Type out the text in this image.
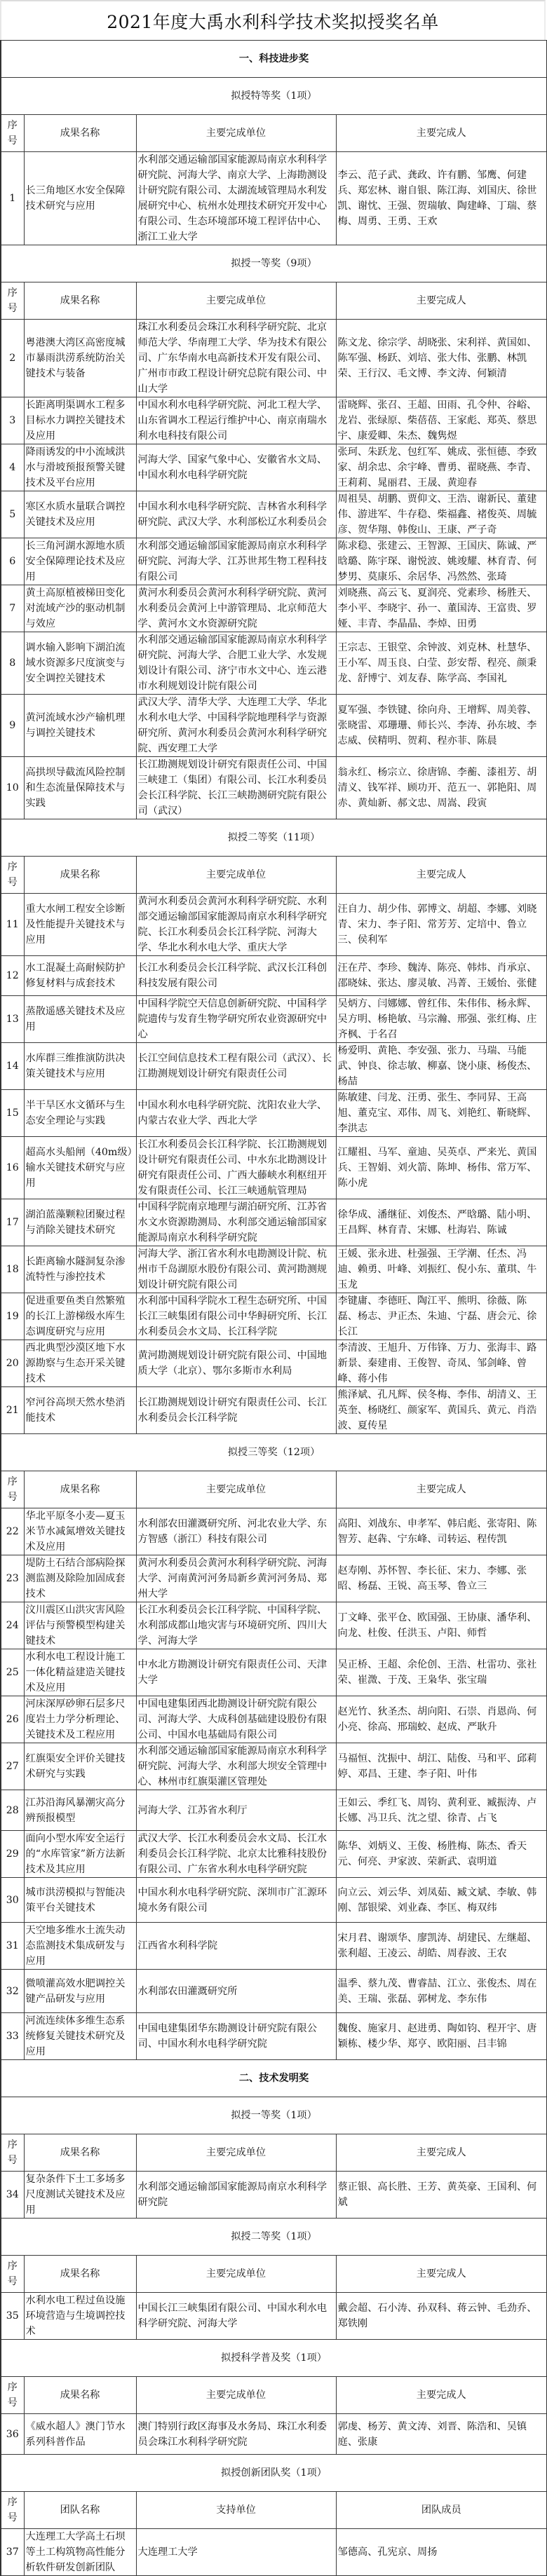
2021年度大禹水利科学技术奖拟授奖名单
一、科技进步奖			
拟授特等奖（1项）			
序号	成果名称	主要完成单位	主要完成人
1	长三角地区水安全保障技术研究与应用	水利部交通运输部国家能源局南京水利科学研究院、河海大学、南京大学、上海勘测设计研究院有限公司、太湖流域管理局水利发展研究中心、杭州水处理技术研究开发中心有限公司、生态环境部环境工程评估中心、浙江工业大学	李云、范子武、龚政、许有鹏、邹鹰、何建兵、郑宏林、谢自银、陈江海、刘国庆、徐世凯、谢忱、王强、贺瑞敏、陶建峰、丁瑞、蔡梅、周勇、王勇、王欢
拟授一等奖（9项）			
序号	成果名称	主要完成单位	主要完成人
2	粤港澳大湾区高密度城市暴雨洪涝系统防治关键技术与装备	珠江水利委员会珠江水利科学研究院、北京师范大学、华南理工大学、华为技术有限公司、广东华南水电高新技术开发有限公司、广州市市政工程设计研究总院有限公司、中山大学	陈文龙、徐宗学、胡晓张、宋利祥、黄国如、陈军强、杨跃、刘培、张大伟、张鹏、林凯荣、王行汉、毛文博、李文涛、何颖清
3	长距离明渠调水工程多目标水力调控关键技术及应用	中国水利水电科学研究院、河北工程大学、山东省调水工程运行维护中心、南京南瑞水利水电科技有限公司	雷晓辉、张召、王超、田雨、孔令仲、谷峪、龙岩、张绿原、柴蓓蓓、王家彪、郑英、蔡思宇、康爱卿、朱杰、魏隽煜
4	降雨诱发的中小流域洪水与滑坡预报预警关键技术及平台应用	河海大学、国家气象中心、安徽省水文局、中国水利水电科学研究院	张珂、朱跃龙、包红军、姚成、张恒德、李致家、胡余忠、余宇峰、曹勇、翟晓燕、李青、王莉莉、晁丽君、王晟、黄迎春
5	寒区水质水量联合调控关键技术及应用	中国水利水电科学研究院、吉林省水利科学研究院、武汉大学、水利部松辽水利委员会	周祖昊、胡鹏、贾仰文、王浩、谢新民、董建伟、游进军、牛存稳、柴福鑫、褚俊英、周毓彦、贺华翔、韩俊山、王康、严子奇
6	长三角河湖水源地水质安全保障理论技术及应用	水利部交通运输部国家能源局南京水利科学研究院、河海大学、江苏世邦生物工程科技有限公司	陈求稳、张建云、王智源、王国庆、陈诚、严晗璐、陈宇琛、谢悦波、姚竣耀、林育青、何梦男、莫康乐、余居华、冯然然、张琦
7	黄土高原植被梯田变化对流域产沙的驱动机制与效应	黄河水利委员会黄河水利科学研究院、黄河水利委员会黄河上中游管理局、北京师范大学、黄河水文水资源研究院	刘晓燕、高云飞、夏润亮、党素珍、杨胜天、李小平、李晓宇、孙一、董国涛、王富贵、罗娅、丰青、李晶晶、李焯、田勇
8	调水输入影响下湖泊流域水资源多尺度演变与安全调控关键技术	水利部交通运输部国家能源局南京水利科学研究院、河海大学、合肥工业大学、水发规划设计有限公司、济宁市水文中心、连云港市水利规划设计院有限公司	王宗志、王银堂、余钟波、刘克林、杜慧华、王小军、周玉良、白莹、彭安帮、程亮、颜秉龙、舒博宁、刘友春、陈学高、李国礼
9	黄河流域水沙产输机理与调控关键技术	武汉大学、清华大学、大连理工大学、华北水利水电大学、中国科学院地理科学与资源研究所、黄河水利委员会黄河水利科学研究院、西安理工大学	夏军强、李铁键、徐向舟、王增辉、周美蓉、张晓雷、邓珊珊、师长兴、李涛、孙东坡、李志威、侯精明、贺莉、程亦菲、陈晨
10	高拱坝导截流风险控制和生态流量保障技术与实践	长江勘测规划设计研究有限责任公司、中国三峡建工（集团）有限公司、长江水利委员会长江科学院、长江三峡勘测研究院有限公司（武汉）	翁永红、杨宗立、徐唐锦、李蘅、漆祖芳、胡清义、钱军祥、顾功开、范五一、郭艳阳、周赤、黄灿新、郝文忠、周嵩、段寅
拟授二等奖（11项）			
序号	成果名称	主要完成单位	主要完成人
11	重大水闸工程安全诊断及性能提升关键技术与应用	黄河水利委员会黄河水利科学研究院、水利部交通运输部国家能源局南京水利科学研究院、长江水利委员会长江科学院、河海大学、华北水利水电大学、重庆大学	汪自力、胡少伟、郭博文、胡超、李娜、刘晓青、宋力、李子阳、常芳芳、定培中、鲁立三、侯利军
12	水工混凝土高耐候防护修复材料与成套技术	长江水利委员会长江科学院、武汉长江科创科技发展有限公司	汪在芹、李珍、魏涛、陈亮、韩炜、肖承京、邵晓妹、张达、廖灵敏、冯菁、王媛怡、张健
13	蒸散遥感关键技术及应用	中国科学院空天信息创新研究院、中国科学院遗传与发育生物学研究所农业资源研究中心	吴炳方、闫娜娜、曾红伟、朱伟伟、杨永辉、吴方明、杨艳敏、马宗瀚、邢强、张红梅、庄齐枫、于名召
14	水库群三维推演防洪决策关键技术与应用	长江空间信息技术工程有限公司（武汉）、长江勘测规划设计研究有限责任公司	杨爱明、黄艳、李安强、张力、马瑞、马能武、钟良、徐志敏、柳嘉、饶小康、杨俊杰、杨喆
15	半干旱区水文循环与生态安全理论与实践	中国水利水电科学研究院、沈阳农业大学、内蒙古农业大学、西北大学	陈敏建、闫龙、汪勇、张生、李同昇、王高旭、董克宝、邓伟、周飞、刘艳红、靳晓辉、李洪志
16	超高水头船闸（40m级）输水关键技术研究与应用	长江水利委员会长江科学院、长江勘测规划设计研究有限责任公司、中水东北勘测设计研究有限责任公司、广西大藤峡水利枢纽开发有限责任公司、长江三峡通航管理局	江耀祖、马军、童迪、吴英卓、严来光、黄国兵、王智娟、刘火箭、陈坤、杨伟、常万军、陈小虎
17	湖泊蓝藻颗粒团聚过程与消除关键技术研究	中国科学院南京地理与湖泊研究所、江苏省水文水资源勘测局、水利部交通运输部国家能源局南京水利科学研究院	徐华成、潘继征、刘俊杰、严晗璐、陆小明、王昌辉、林育青、宋娜、杜海岩、陈诚
18	长距离输水隧洞复杂渗流特性与渗控技术	河海大学、浙江省水利水电勘测设计院、杭州市千岛湖原水股份有限公司、黄河勘测规划设计研究院有限公司	王媛、张永进、杜强强、王学潮、任杰、冯迪、赖勇、叶峰、刘振红、倪小东、董琪、牛玉龙
19	促进重要鱼类自然繁殖的长江上游梯级水库生态调度研究与应用	水利部中国科学院水工程生态研究所、中国长江三峡集团有限公司中华鲟研究所、长江水利委员会水文局、长江科学院	李键庸、李德旺、陶江平、熊明、徐薇、陈磊、杨志、尹正杰、朱迪、宁磊、唐会元、徐长江
20	西北典型沙漠区地下水源勘察与生态开采关键技术	黄河勘测规划设计研究院有限公司、中国地质大学（北京）、鄂尔多斯市水利局	李清波、王旭升、万伟锋、万力、张海丰、路新景、秦建甫、王俊智、奇凤、邹剑峰、曾峰、蒋小伟
21	窄河谷高坝天然水垫消能技术	长江勘测规划设计研究有限责任公司、长江水利委员会长江科学院	熊泽斌、孔凡辉、侯冬梅、李伟、胡清义、王英奎、杨晓红、颜家军、黄国兵、黄元、肖浩波、夏传星
拟授三等奖（12项）			
序号	成果名称	主要完成单位	主要完成人
22	华北平原冬小麦—夏玉米节水减氮增效关键技术及应用	水利部农田灌溉研究所、河北农业大学、东方智感（浙江）科技有限公司	高阳、刘战东、申孝军、韩启彪、张寄阳、陈智芳、赵犇、宁东峰、司转运、程传凯
23	堤防土石结合部病险探测监测及除险加固成套技术	黄河水利委员会黄河水利科学研究院、河海大学、河南黄河河务局新乡黄河河务局、郑州大学	赵寿刚、苏怀智、李长征、宋力、李娜、张昭、杨磊、王锐、高玉琴、鲁立三
24	汶川震区山洪灾害风险评估与预警模型构建关键技术	长江水利委员会长江科学院、中国科学院、水利部成都山地灾害与环境研究所、四川大学、河海大学	丁文峰、张平仓、欧国强、王协康、潘华利、向龙、杜俊、任洪玉、卢阳、师哲
25	水利水电工程设计施工一体化精益建造关键技术及应用	中水北方勘测设计研究有限责任公司、天津大学	吴正桥、王超、余伦创、王浩、杜雷功、张社荣、崔溦、于茂、王枭华、张宝瑞
26	河床深厚砂卵石层多尺度岩土力学分析理论、关键技术及工程应用	中国电建集团西北勘测设计研究院有限公司、河海大学、大成科创基础建设股份有限公司、中国水电基础局有限公司	赵光竹、狄圣杰、胡向阳、石崇、肖恩尚、何小亮、徐高、邢瑞蛟、赵成、严耿升
27	红旗渠安全评价关键技术研究与实践	水利部交通运输部国家能源局南京水利科学研究院、河海大学、水利部大坝安全管理中心、林州市红旗渠灌区管理处	马福恒、沈振中、胡江、陆俊、马和平、邱莉婷、邓昌、王建、李子阳、叶伟
28	江苏沿海风暴潮灾高分辨预报模型	河海大学、江苏省水利厅	王如云、季红飞、周钧、黄利亚、臧振涛、卢长娜、冯卫兵、沈之望、徐青、占飞
29	面向小型水库安全运行的“水库管家”新方法新技术及其应用	武汉大学、长江水利委员会水文局、长江水利委员会长江科学院、北京太比雅科技股份有限公司、广东省水利水电科学研究院	陈华、刘炳义、王俊、杨胜梅、陈杰、香天元、何亮、尹家波、荣新武、袁明道
30	城市洪涝模拟与智能决策平台关键技术	中国水利水电科学研究院、深圳市广汇源环境水务有限公司	向立云、刘云华、刘凤茹、臧文斌、李敏、韩刚、郜银梁、刘业森、李匡、梅双纬
31	天空地多维水土流失动态监测技术集成研发与应用	江西省水利科学院	宋月君、谢颂华、廖凯涛、胡建民、左继超、张利超、王凌云、胡皓、周春波、王农
32	微喷灌高效水肥调控关键产品研发与应用	水利部农田灌溉研究所	温季、蔡九茂、曹睿喆、江立、张俊杰、周在美、王瑞、张磊、郭树龙、李东伟
33	河流连续体多维生态系统修复关键技术研究及应用	中国电建集团华东勘测设计研究院有限公司、中国水利水电科学研究院	魏俊、施家月、赵进勇、陶如钧、程开宇、唐颖栋、楼少华、郑亨、欧阳丽、吕丰锦
二、技术发明奖			
拟授一等奖（1项）			
序号	成果名称	主要完成单位	主要完成人
34	复杂条件下土工多场多尺度测试关键技术及应用	水利部交通运输部国家能源局南京水利科学研究院	蔡正银、高长胜、王芳、黄英豪、王国利、何斌
拟授二等奖（1项）			
序号	成果名称	主要完成单位	主要完成人
35	水利水电工程过鱼设施环境营造与生境调控技术	中国长江三峡集团有限公司、中国水利水电科学研究院、河海大学	戴会超、石小涛、孙双科、蒋云钟、毛劲乔、郑铁刚
拟授科学普及奖（1项）			
序号	成果名称	主要完成单位	主要完成人
36	《威水超人》澳门节水系列科普作品	澳门特别行政区海事及水务局、珠江水利委员会珠江水利科学研究院	郭虔、杨芳、黄文涛、刘晋、陈浩和、吴镇庭、张康
拟授创新团队奖（1项）			
序号	团队名称	支持单位	团队成员
37	大连理工大学高土石坝等土工构筑物高性能分析软件研发创新团队	大连理工大学	邹德高、孔宪京、周扬
